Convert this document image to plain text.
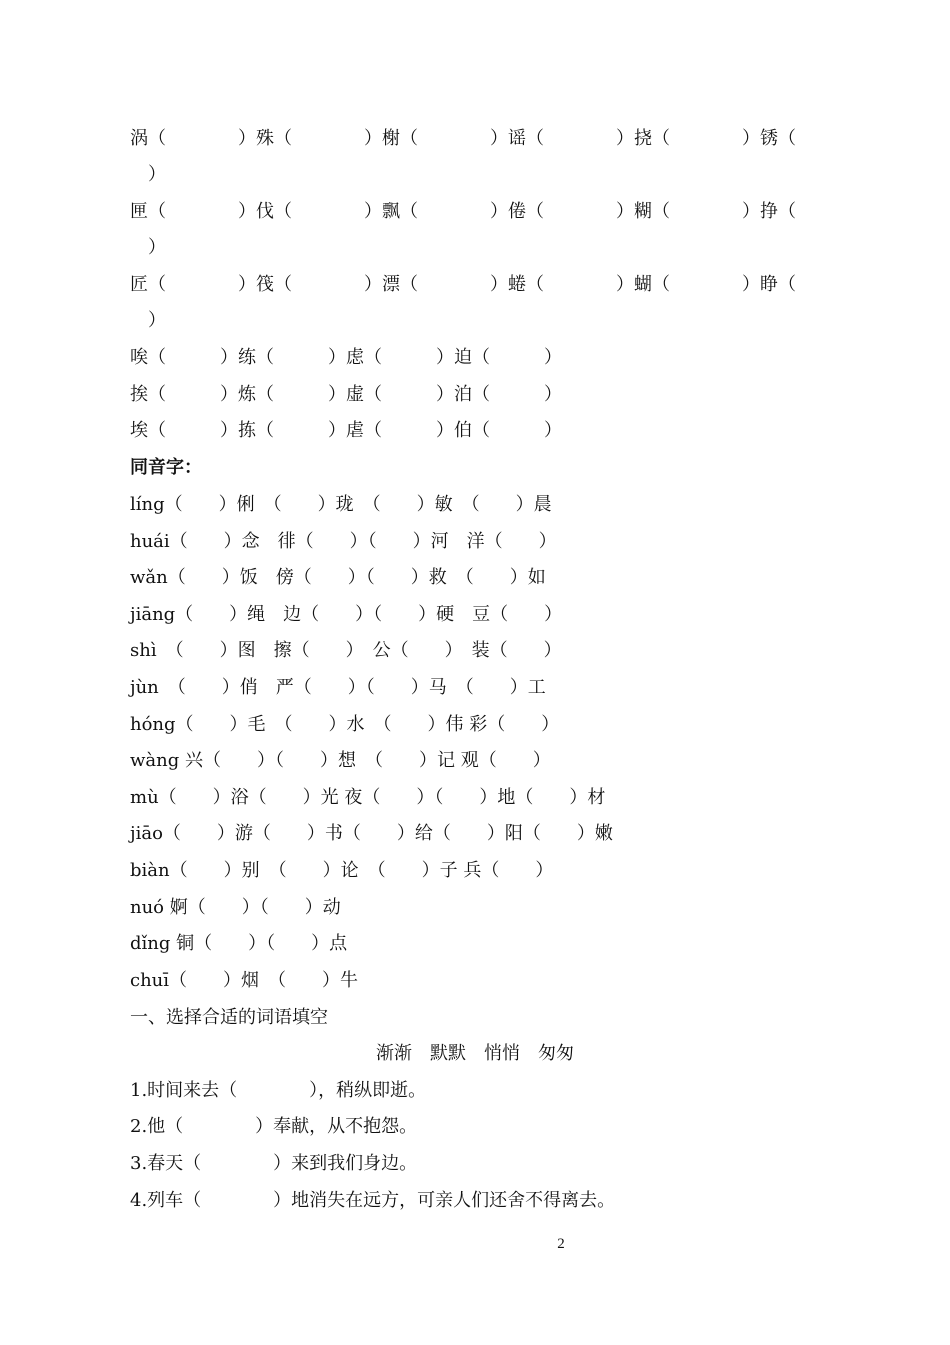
涡（　　　　）殊（　　　　）榭（　　　　）谣（　　　　）挠（　　　　）锈（
　）
匣（　　　　）伐（　　　　）飘（　　　　）倦（　　　　）糊（　　　　）挣（
　）
匠（　　　　）筏（　　　　）漂（　　　　）蜷（　　　　）蝴（　　　　）睁（
　）
唉（　　　）练（　　　）虑（　　　）迫（　　　）
挨（　　　）炼（　　　）虚（　　　）泊（　　　）
埃（　　　）拣（　　　）虐（　　　）伯（　　　）
同音字：
líng（　　）俐　（　　）珑　（　　）敏　（　　）晨
huái（　　）念　徘（　　）（　　）河　洋（　　）
wǎn（　　）饭　傍（　　）（　　）救　（　　）如
jiāng（　　）绳　边（　　）（　　）硬　豆（　　）
shì　（　　）图　擦（　　）　公（　　）　装（　　）
jùn　（　　）俏　严（　　）（　　）马　（　　）工
hóng（　　）毛　（　　）水　（　　）伟 彩（　　）
wàng 兴（　　）（　　）想　（　　）记 观（　　）
mù（　　）浴（　　）光 夜（　　）（　　）地（　　）材
jiāo（　　）游（　　）书（　　）给（　　）阳（　　）嫩
biàn（　　）别　（　　）论　（　　）子 兵（　　）
nuó 婀（　　）（　　）动
dǐng 铜（　　）（　　）点
chuī（　　）烟　（　　）牛
一、选择合适的词语填空
渐渐　默默　悄悄　匆匆
1.时间来去（　　　　），稍纵即逝。
2.他（　　　　）奉献，从不抱怨。
3.春天（　　　　）来到我们身边。
4.列车（　　　　）地消失在远方，可亲人们还舍不得离去。
2
